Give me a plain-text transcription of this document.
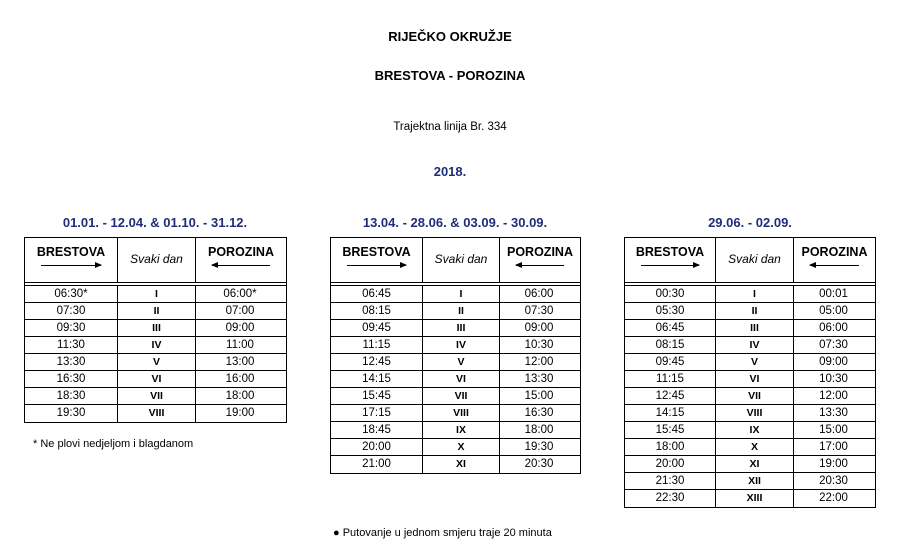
RIJEČKO OKRUŽJE
BRESTOVA - POROZINA
Trajektna linija Br. 334
2018.
01.01. - 12.04. & 01.10. - 31.12.
BRESTOVA	Svaki dan	POROZINA
06:30*	I	06:00*
07:30	II	07:00
09:30	III	09:00
11:30	IV	11:00
13:30	V	13:00
16:30	VI	16:00
18:30	VII	18:00
19:30	VIII	19:00
13.04. - 28.06. & 03.09. - 30.09.
BRESTOVA	Svaki dan	POROZINA
06:45	I	06:00
08:15	II	07:30
09:45	III	09:00
11:15	IV	10:30
12:45	V	12:00
14:15	VI	13:30
15:45	VII	15:00
17:15	VIII	16:30
18:45	IX	18:00
20:00	X	19:30
21:00	XI	20:30
29.06. - 02.09.
BRESTOVA	Svaki dan	POROZINA
00:30	I	00:01
05:30	II	05:00
06:45	III	06:00
08:15	IV	07:30
09:45	V	09:00
11:15	VI	10:30
12:45	VII	12:00
14:15	VIII	13:30
15:45	IX	15:00
18:00	X	17:00
20:00	XI	19:00
21:30	XII	20:30
22:30	XIII	22:00
* Ne plovi nedjeljom i blagdanom
● Putovanje u jednom smjeru traje 20 minuta
